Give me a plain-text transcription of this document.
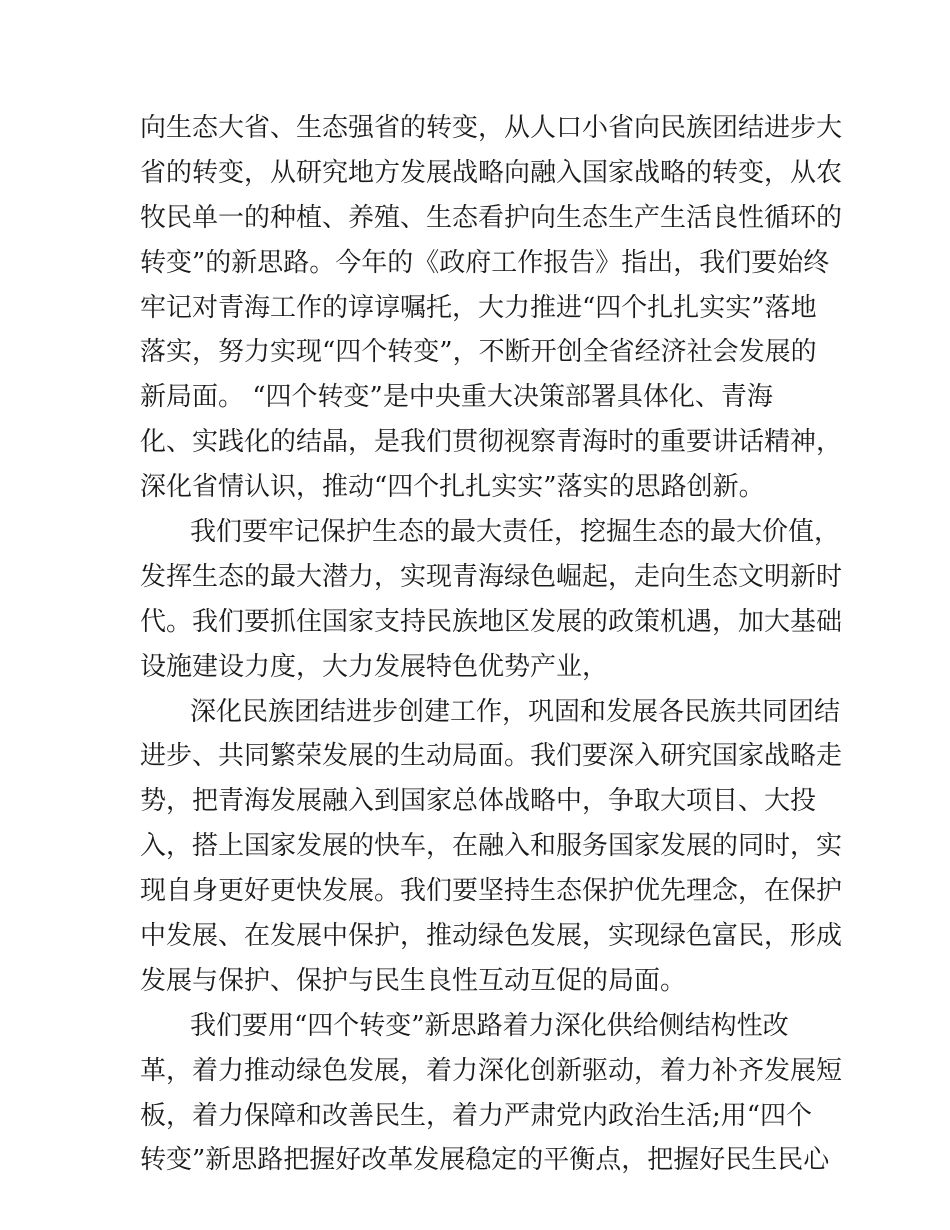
向生态大省、生态强省的转变，从人口小省向民族团结进步大
省的转变，从研究地方发展战略向融入国家战略的转变，从农
牧民单一的种植、养殖、生态看护向生态生产生活良性循环的
转变”的新思路。今年的《政府工作报告》指出，我们要始终
牢记对青海工作的谆谆嘱托，大力推进“四个扎扎实实”落地
落实，努力实现“四个转变”，不断开创全省经济社会发展的
新局面。 “四个转变”是中央重大决策部署具体化、青海
化、实践化的结晶，是我们贯彻视察青海时的重要讲话精神，
深化省情认识，推动“四个扎扎实实”落实的思路创新。
我们要牢记保护生态的最大责任，挖掘生态的最大价值，
发挥生态的最大潜力，实现青海绿色崛起，走向生态文明新时
代。我们要抓住国家支持民族地区发展的政策机遇，加大基础
设施建设力度，大力发展特色优势产业，
深化民族团结进步创建工作，巩固和发展各民族共同团结
进步、共同繁荣发展的生动局面。我们要深入研究国家战略走
势，把青海发展融入到国家总体战略中，争取大项目、大投
入，搭上国家发展的快车，在融入和服务国家发展的同时，实
现自身更好更快发展。我们要坚持生态保护优先理念，在保护
中发展、在发展中保护，推动绿色发展，实现绿色富民，形成
发展与保护、保护与民生良性互动互促的局面。
我们要用“四个转变”新思路着力深化供给侧结构性改
革，着力推动绿色发展，着力深化创新驱动，着力补齐发展短
板，着力保障和改善民生，着力严肃党内政治生活;用“四个
转变”新思路把握好改革发展稳定的平衡点，把握好民生民心
